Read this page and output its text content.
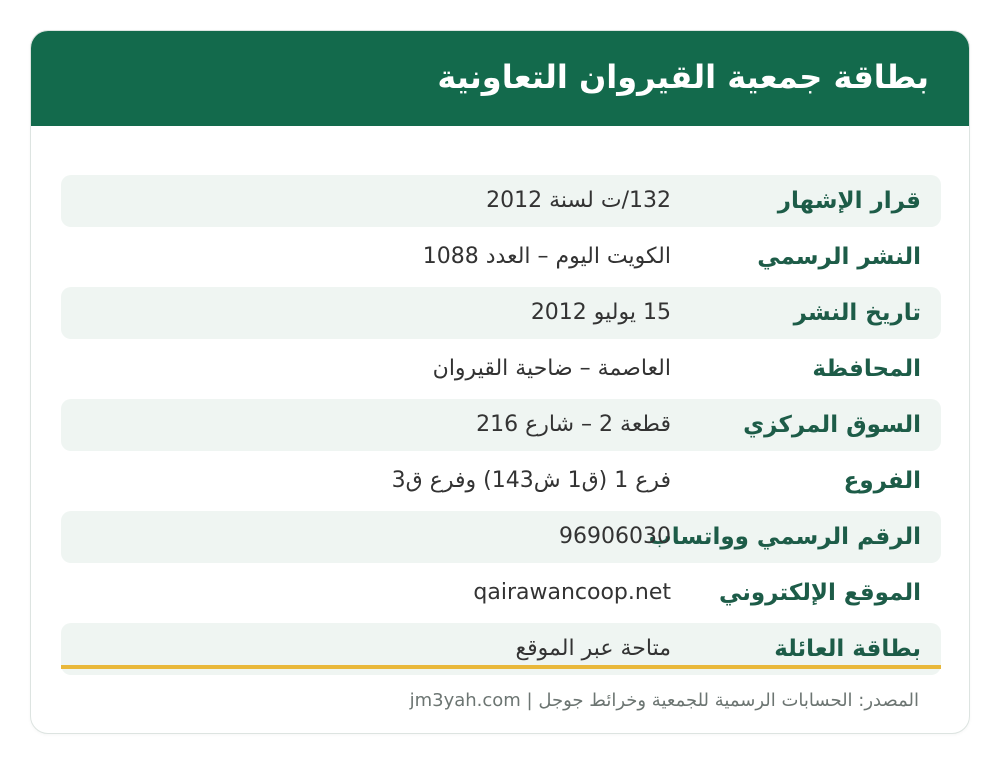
بطاقة جمعية القيروان التعاونية
قرار الإشهار
132/ت لسنة 2012
النشر الرسمي
الكويت اليوم – العدد 1088
تاريخ النشر
15 يوليو 2012
المحافظة
العاصمة – ضاحية القيروان
السوق المركزي
قطعة 2 – شارع 216
الفروع
فرع 1 (ق1 ش143) وفرع ق3
الرقم الرسمي وواتساب
96906030
الموقع الإلكتروني
qairawancoop.net
بطاقة العائلة
متاحة عبر الموقع
المصدر: الحسابات الرسمية للجمعية وخرائط جوجل | jm3yah.com
